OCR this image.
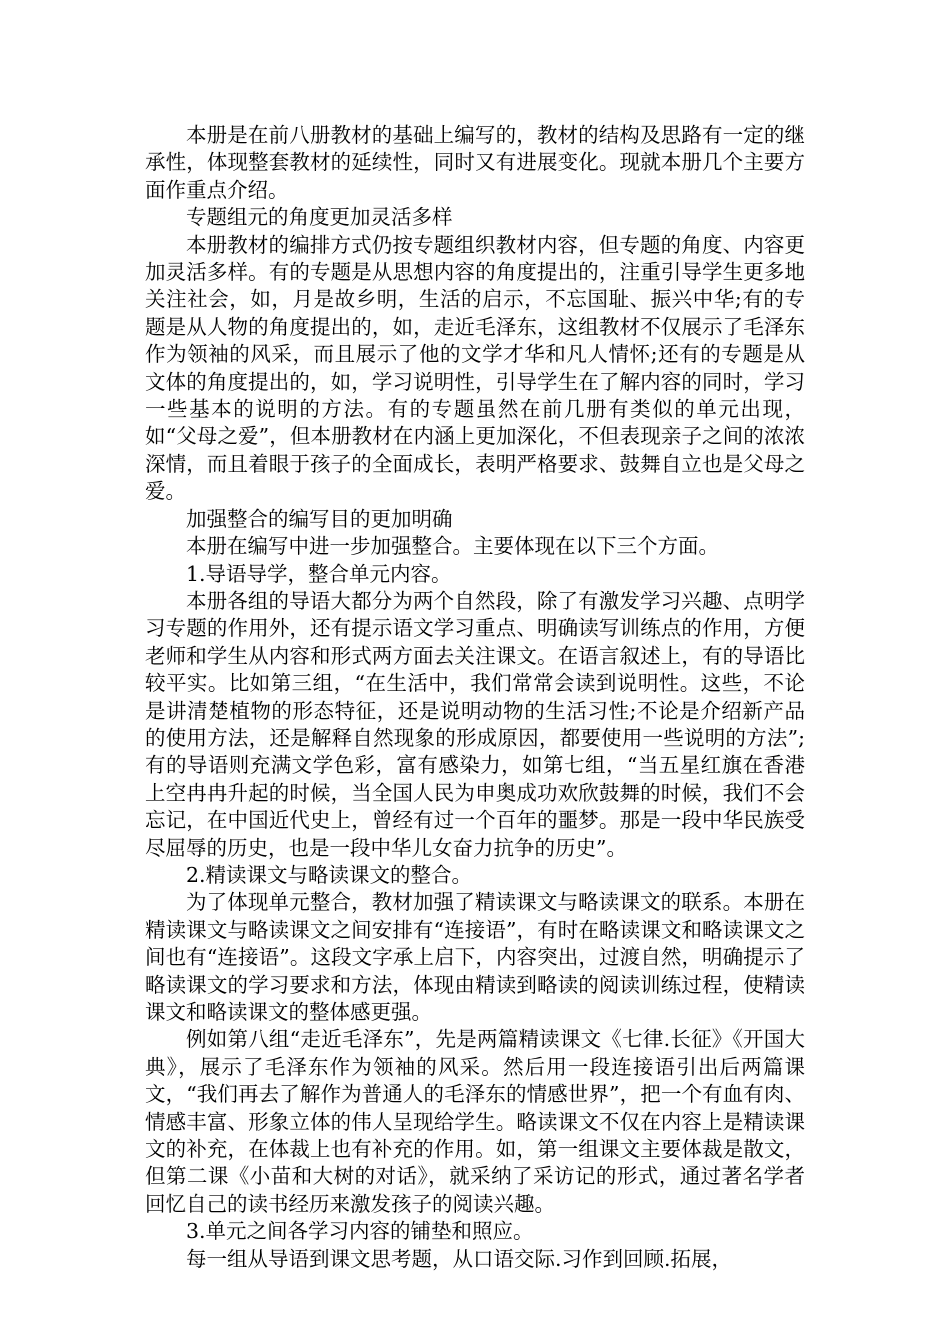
本册是在前八册教材的基础上编写的，教材的结构及思路有一定的继承性，体现整套教材的延续性，同时又有进展变化。现就本册几个主要方面作重点介绍。

专题组元的角度更加灵活多样

本册教材的编排方式仍按专题组织教材内容，但专题的角度、内容更加灵活多样。有的专题是从思想内容的角度提出的，注重引导学生更多地关注社会，如，月是故乡明，生活的启示，不忘国耻、振兴中华;有的专题是从人物的角度提出的，如，走近毛泽东，这组教材不仅展示了毛泽东作为领袖的风采，而且展示了他的文学才华和凡人情怀;还有的专题是从文体的角度提出的，如，学习说明性，引导学生在了解内容的同时，学习一些基本的说明的方法。有的专题虽然在前几册有类似的单元出现，如“父母之爱”，但本册教材在内涵上更加深化，不但表现亲子之间的浓浓深情，而且着眼于孩子的全面成长，表明严格要求、鼓舞自立也是父母之爱。

加强整合的编写目的更加明确

本册在编写中进一步加强整合。主要体现在以下三个方面。

1.导语导学，整合单元内容。

本册各组的导语大都分为两个自然段，除了有激发学习兴趣、点明学习专题的作用外，还有提示语文学习重点、明确读写训练点的作用，方便老师和学生从内容和形式两方面去关注课文。在语言叙述上，有的导语比较平实。比如第三组，“在生活中，我们常常会读到说明性。这些，不论是讲清楚植物的形态特征，还是说明动物的生活习性;不论是介绍新产品的使用方法，还是解释自然现象的形成原因，都要使用一些说明的方法”;有的导语则充满文学色彩，富有感染力，如第七组，“当五星红旗在香港上空冉冉升起的时候，当全国人民为申奥成功欢欣鼓舞的时候，我们不会忘记，在中国近代史上，曾经有过一个百年的噩梦。那是一段中华民族受尽屈辱的历史，也是一段中华儿女奋力抗争的历史”。

2.精读课文与略读课文的整合。

为了体现单元整合，教材加强了精读课文与略读课文的联系。本册在精读课文与略读课文之间安排有“连接语”，有时在略读课文和略读课文之间也有“连接语”。这段文字承上启下，内容突出，过渡自然，明确提示了略读课文的学习要求和方法，体现由精读到略读的阅读训练过程，使精读课文和略读课文的整体感更强。

例如第八组“走近毛泽东”，先是两篇精读课文《七律.长征》《开国大典》，展示了毛泽东作为领袖的风采。然后用一段连接语引出后两篇课文，“我们再去了解作为普通人的毛泽东的情感世界”，把一个有血有肉、情感丰富、形象立体的伟人呈现给学生。略读课文不仅在内容上是精读课文的补充，在体裁上也有补充的作用。如，第一组课文主要体裁是散文，但第二课《小苗和大树的对话》，就采纳了采访记的形式，通过著名学者回忆自己的读书经历来激发孩子的阅读兴趣。

3.单元之间各学习内容的铺垫和照应。

每一组从导语到课文思考题，从口语交际.习作到回顾.拓展，
